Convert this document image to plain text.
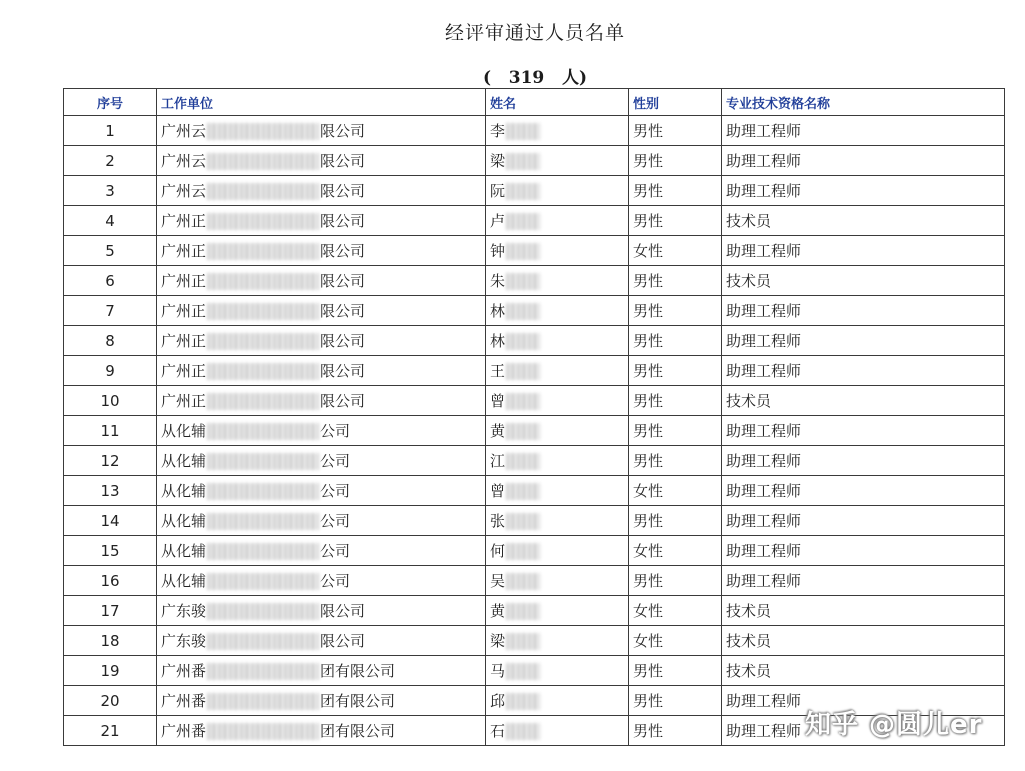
经评审通过人员名单
(   319   人)
序号	工作单位	姓名	性别	专业技术资格名称
1	广州云 限公司	李	男性	助理工程师
2	广州云 限公司	梁	男性	助理工程师
3	广州云 限公司	阮	男性	助理工程师
4	广州正 限公司	卢	男性	技术员
5	广州正 限公司	钟	女性	助理工程师
6	广州正 限公司	朱	男性	技术员
7	广州正 限公司	林	男性	助理工程师
8	广州正 限公司	林	男性	助理工程师
9	广州正 限公司	王	男性	助理工程师
10	广州正 限公司	曾	男性	技术员
11	从化辅 公司	黄	男性	助理工程师
12	从化辅 公司	江	男性	助理工程师
13	从化辅 公司	曾	女性	助理工程师
14	从化辅 公司	张	男性	助理工程师
15	从化辅 公司	何	女性	助理工程师
16	从化辅 公司	吴	男性	助理工程师
17	广东骏 限公司	黄	女性	技术员
18	广东骏 限公司	梁	女性	技术员
19	广州番 团有限公司	马	男性	技术员
20	广州番 团有限公司	邱	男性	助理工程师
21	广州番 团有限公司	石	男性	助理工程师 知乎 @圆儿er
